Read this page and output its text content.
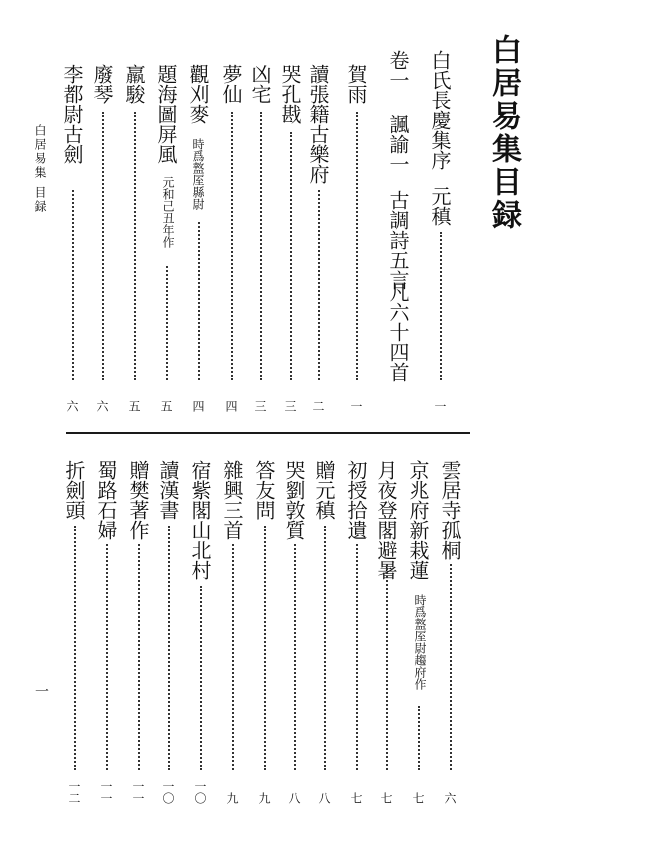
白居易集目録
白氏長慶集序
元稹
一
卷一
諷諭一
古調詩五言
凡六十四首
賀雨
一
讀張籍古樂府
二
哭孔戡
三
凶宅
三
夢仙
四
觀刈麥
時爲盩厔縣尉
四
題海圖屏風
元和己丑年作
五
羸駿
五
廢琴
六
李都尉古劍
六
白居易集
目録
雲居寺孤桐
六
京兆府新栽蓮
時爲盩厔尉趨府作
七
月夜登閣避暑
七
初授拾遺
七
贈元稹
八
哭劉敦質
八
答友問
九
雜興三首
九
宿紫閣山北村
一〇
讀漢書
一〇
贈樊著作
一一
蜀路石婦
一一
折劍頭
一二
一
